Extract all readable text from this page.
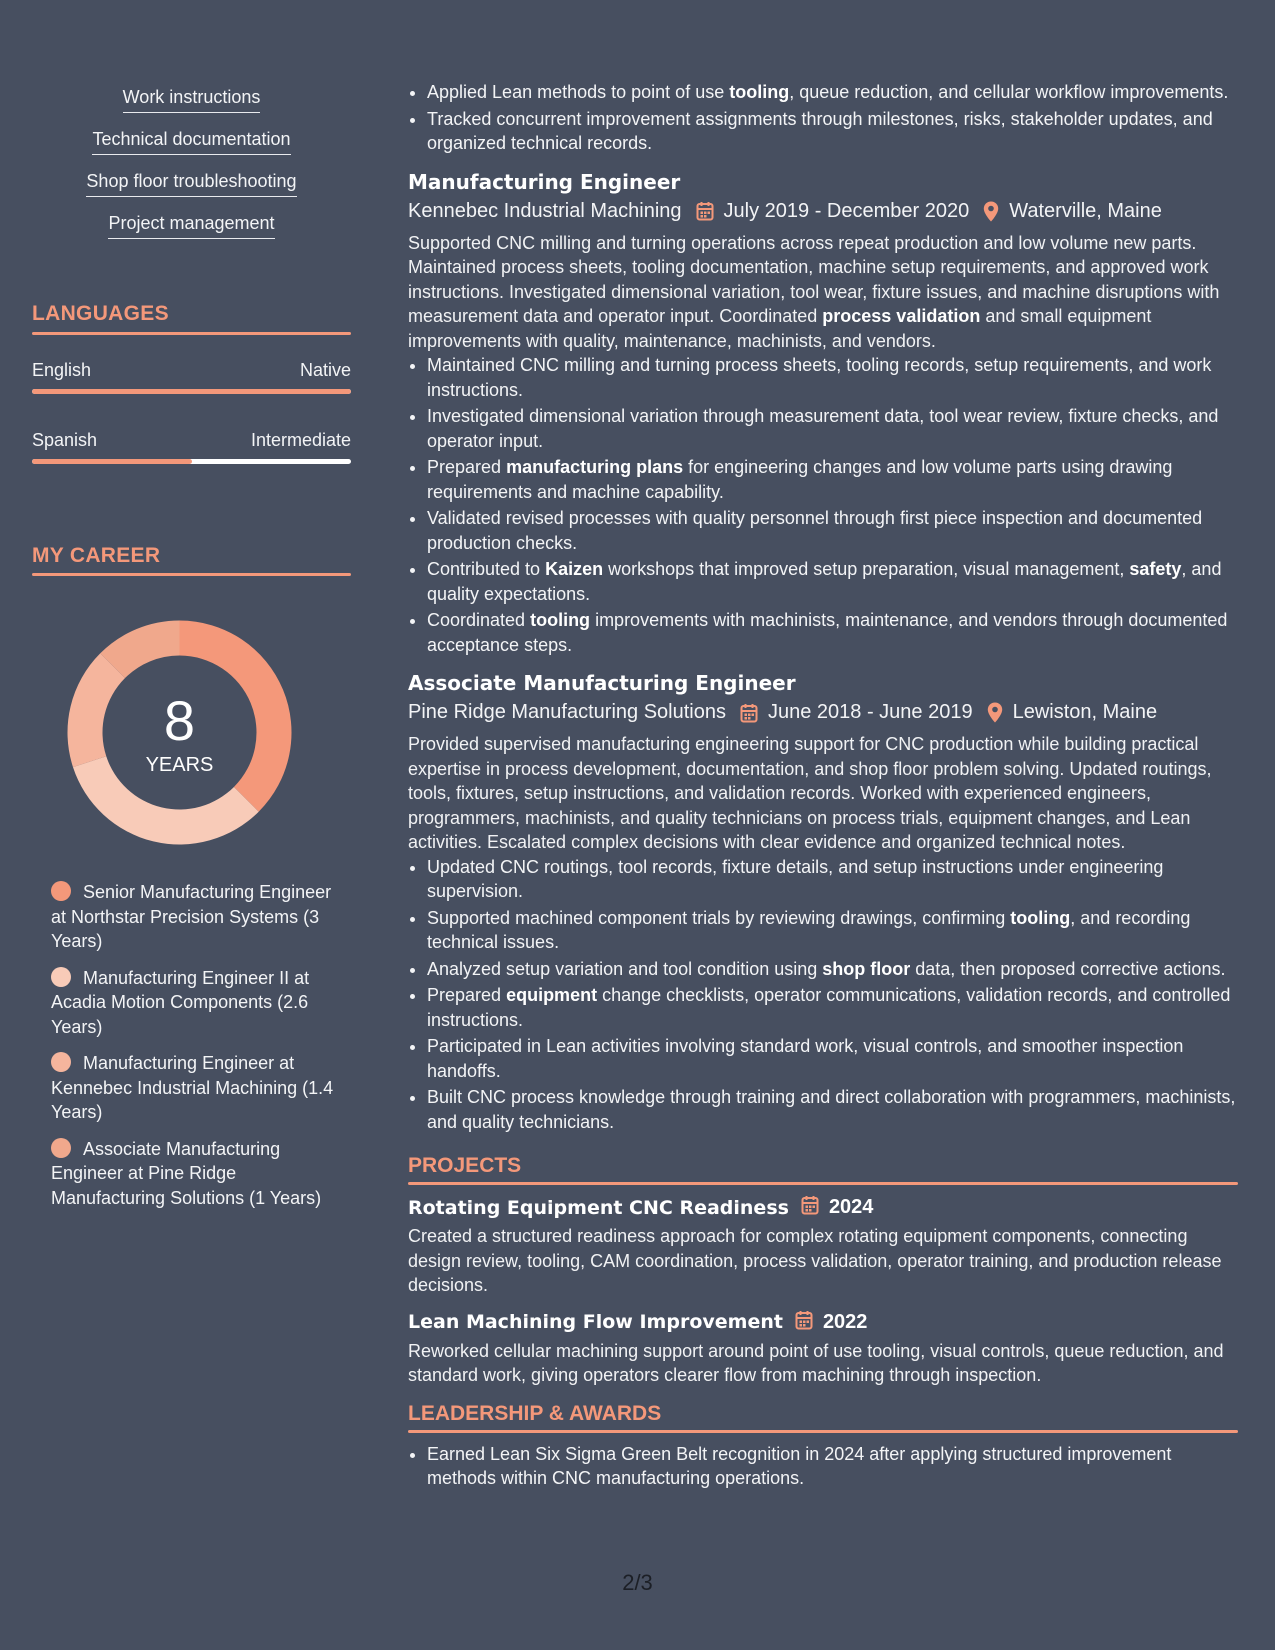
Work instructions
Technical documentation
Shop floor troubleshooting
Project management
LANGUAGES
English	Native
Spanish	Intermediate
MY CAREER
8
YEARS
Senior Manufacturing Engineer at Northstar Precision Systems (3 Years)
Manufacturing Engineer II at Acadia Motion Components (2.6 Years)
Manufacturing Engineer at Kennebec Industrial Machining (1.4 Years)
Associate Manufacturing Engineer at Pine Ridge Manufacturing Solutions (1 Years)
• Applied Lean methods to point of use tooling, queue reduction, and cellular workflow improvements.
• Tracked concurrent improvement assignments through milestones, risks, stakeholder updates, and organized technical records.
Manufacturing Engineer
Kennebec Industrial Machining July 2019 - December 2020 Waterville, Maine
Supported CNC milling and turning operations across repeat production and low volume new parts. Maintained process sheets, tooling documentation, machine setup requirements, and approved work instructions. Investigated dimensional variation, tool wear, fixture issues, and machine disruptions with measurement data and operator input. Coordinated process validation and small equipment improvements with quality, maintenance, machinists, and vendors.
• Maintained CNC milling and turning process sheets, tooling records, setup requirements, and work instructions.
• Investigated dimensional variation through measurement data, tool wear review, fixture checks, and operator input.
• Prepared manufacturing plans for engineering changes and low volume parts using drawing requirements and machine capability.
• Validated revised processes with quality personnel through first piece inspection and documented production checks.
• Contributed to Kaizen workshops that improved setup preparation, visual management, safety, and quality expectations.
• Coordinated tooling improvements with machinists, maintenance, and vendors through documented acceptance steps.
Associate Manufacturing Engineer
Pine Ridge Manufacturing Solutions June 2018 - June 2019 Lewiston, Maine
Provided supervised manufacturing engineering support for CNC production while building practical expertise in process development, documentation, and shop floor problem solving. Updated routings, tools, fixtures, setup instructions, and validation records. Worked with experienced engineers, programmers, machinists, and quality technicians on process trials, equipment changes, and Lean activities. Escalated complex decisions with clear evidence and organized technical notes.
• Updated CNC routings, tool records, fixture details, and setup instructions under engineering supervision.
• Supported machined component trials by reviewing drawings, confirming tooling, and recording technical issues.
• Analyzed setup variation and tool condition using shop floor data, then proposed corrective actions.
• Prepared equipment change checklists, operator communications, validation records, and controlled instructions.
• Participated in Lean activities involving standard work, visual controls, and smoother inspection handoffs.
• Built CNC process knowledge through training and direct collaboration with programmers, machinists, and quality technicians.
PROJECTS
Rotating Equipment CNC Readiness 2024
Created a structured readiness approach for complex rotating equipment components, connecting design review, tooling, CAM coordination, process validation, operator training, and production release decisions.
Lean Machining Flow Improvement 2022
Reworked cellular machining support around point of use tooling, visual controls, queue reduction, and standard work, giving operators clearer flow from machining through inspection.
LEADERSHIP & AWARDS
• Earned Lean Six Sigma Green Belt recognition in 2024 after applying structured improvement methods within CNC manufacturing operations.
2/3
